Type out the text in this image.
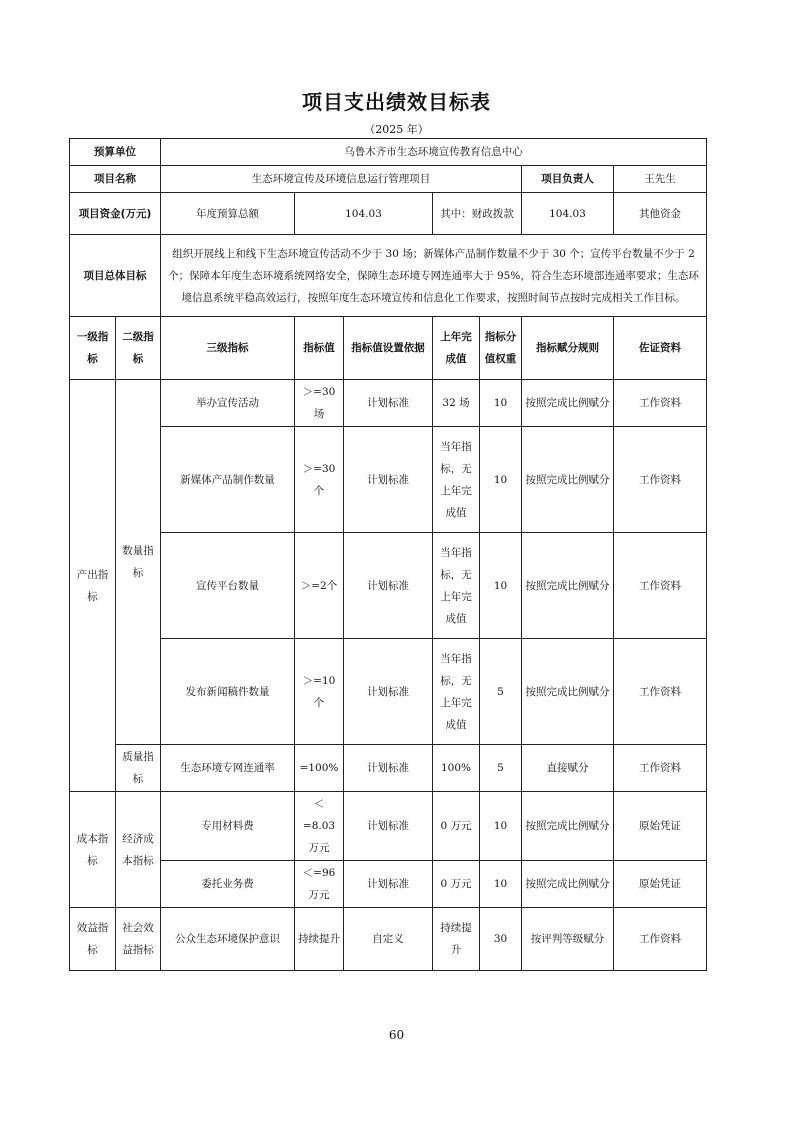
项目支出绩效目标表
（2025 年）
预算单位		乌鲁木齐市生态环境宣传教育信息中心							
项目名称		生态环境宣传及环境信息运行管理项目					项目负责人	王先生	
项目资金(万元)		年度预算总额	104.03		其中：财政拨款		104.03	其他资金	
项目总体目标		组织开展线上和线下生态环境宣传活动不少于 30 场；新媒体产品制作数量不少于 30 个；宣传平台数量不少于 2 个；保障本年度生态环境系统网络安全，保障生态环境专网连通率大于 95%，符合生态环境部连通率要求；生态环境信息系统平稳高效运行，按照年度生态环境宣传和信息化工作要求，按照时间节点按时完成相关工作目标。							
一级指标	二级指标	三级指标	指标值	指标值设置依据	上年完成值	指标分值权重	指标赋分规则	佐证资料	
产出指标	数量指标	举办宣传活动	＞=30场	计划标准	32 场	10	按照完成比例赋分	工作资料	
		新媒体产品制作数量	＞=30个	计划标准	当年指标，无上年完成值	10	按照完成比例赋分	工作资料	
		宣传平台数量	＞=2个	计划标准	当年指标，无上年完成值	10	按照完成比例赋分	工作资料	
		发布新闻稿件数量	＞=10个	计划标准	当年指标，无上年完成值	5	按照完成比例赋分	工作资料	
	质量指标	生态环境专网连通率	=100%	计划标准	100%	5	直接赋分	工作资料	
成本指标	经济成本指标	专用材料费	＜=8.03万元	计划标准	0 万元	10	按照完成比例赋分	原始凭证	
		委托业务费	＜=96万元	计划标准	0 万元	10	按照完成比例赋分	原始凭证	
效益指标	社会效益指标	公众生态环境保护意识	持续提升	自定义	持续提升	30	按评判等级赋分	工作资料	
60
